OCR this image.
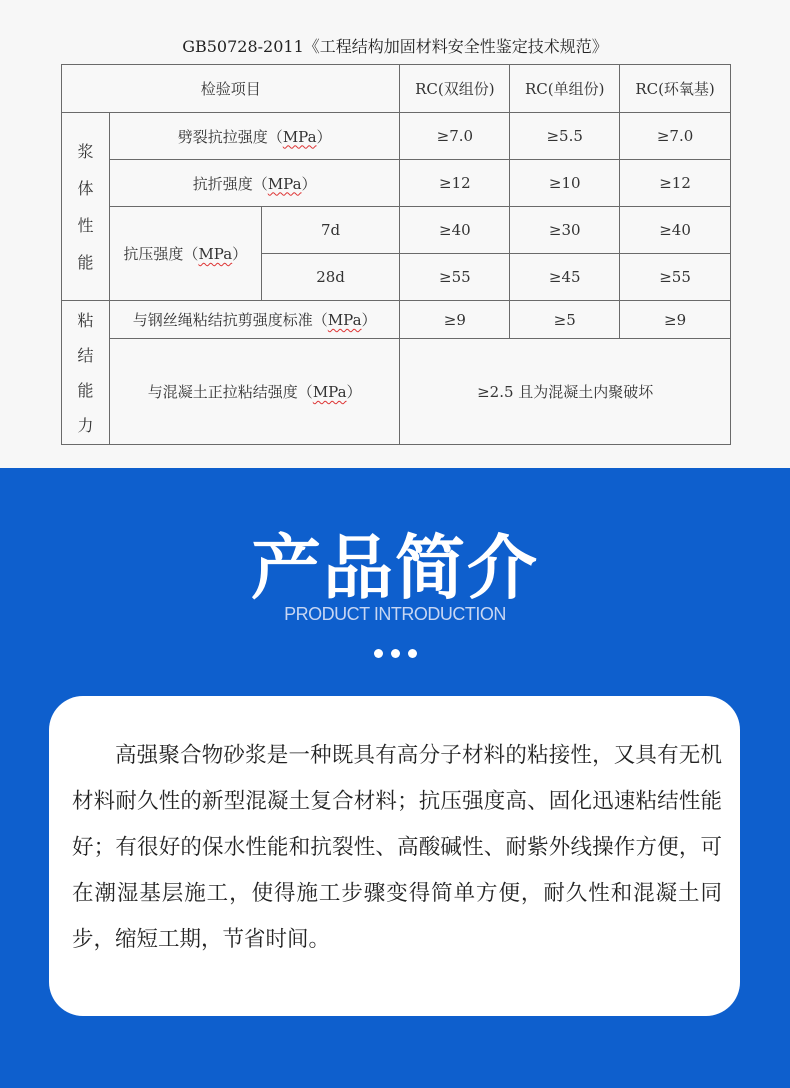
GB50728-2011《工程结构加固材料安全性鉴定技术规范》
检验项目			RC(双组份)	RC(单组份)	RC(环氧基)

浆
体
性
能	劈裂抗拉强度（MPa）		≥7.0	≥5.5	≥7.0
	抗折强度（MPa）		≥12	≥10	≥12
	抗压强度（MPa）	7d	≥40	≥30	≥40
		28d	≥55	≥45	≥55

粘
结
能
力	与钢丝绳粘结抗剪强度标准（MPa）		≥9	≥5	≥9
	与混凝土正拉粘结强度（MPa）		≥2.5 且为混凝土内聚破坏		
产品简介
PRODUCT INTRODUCTION

高强聚合物砂浆是一种既具有高分子材料的粘接性，又具有无机材料耐久性的新型混凝土复合材料；抗压强度高、固化迅速粘结性能好；有很好的保水性能和抗裂性、高酸碱性、耐紫外线操作方便，可在潮湿基层施工，使得施工步骤变得简单方便，耐久性和混凝土同步，缩短工期，节省时间。
